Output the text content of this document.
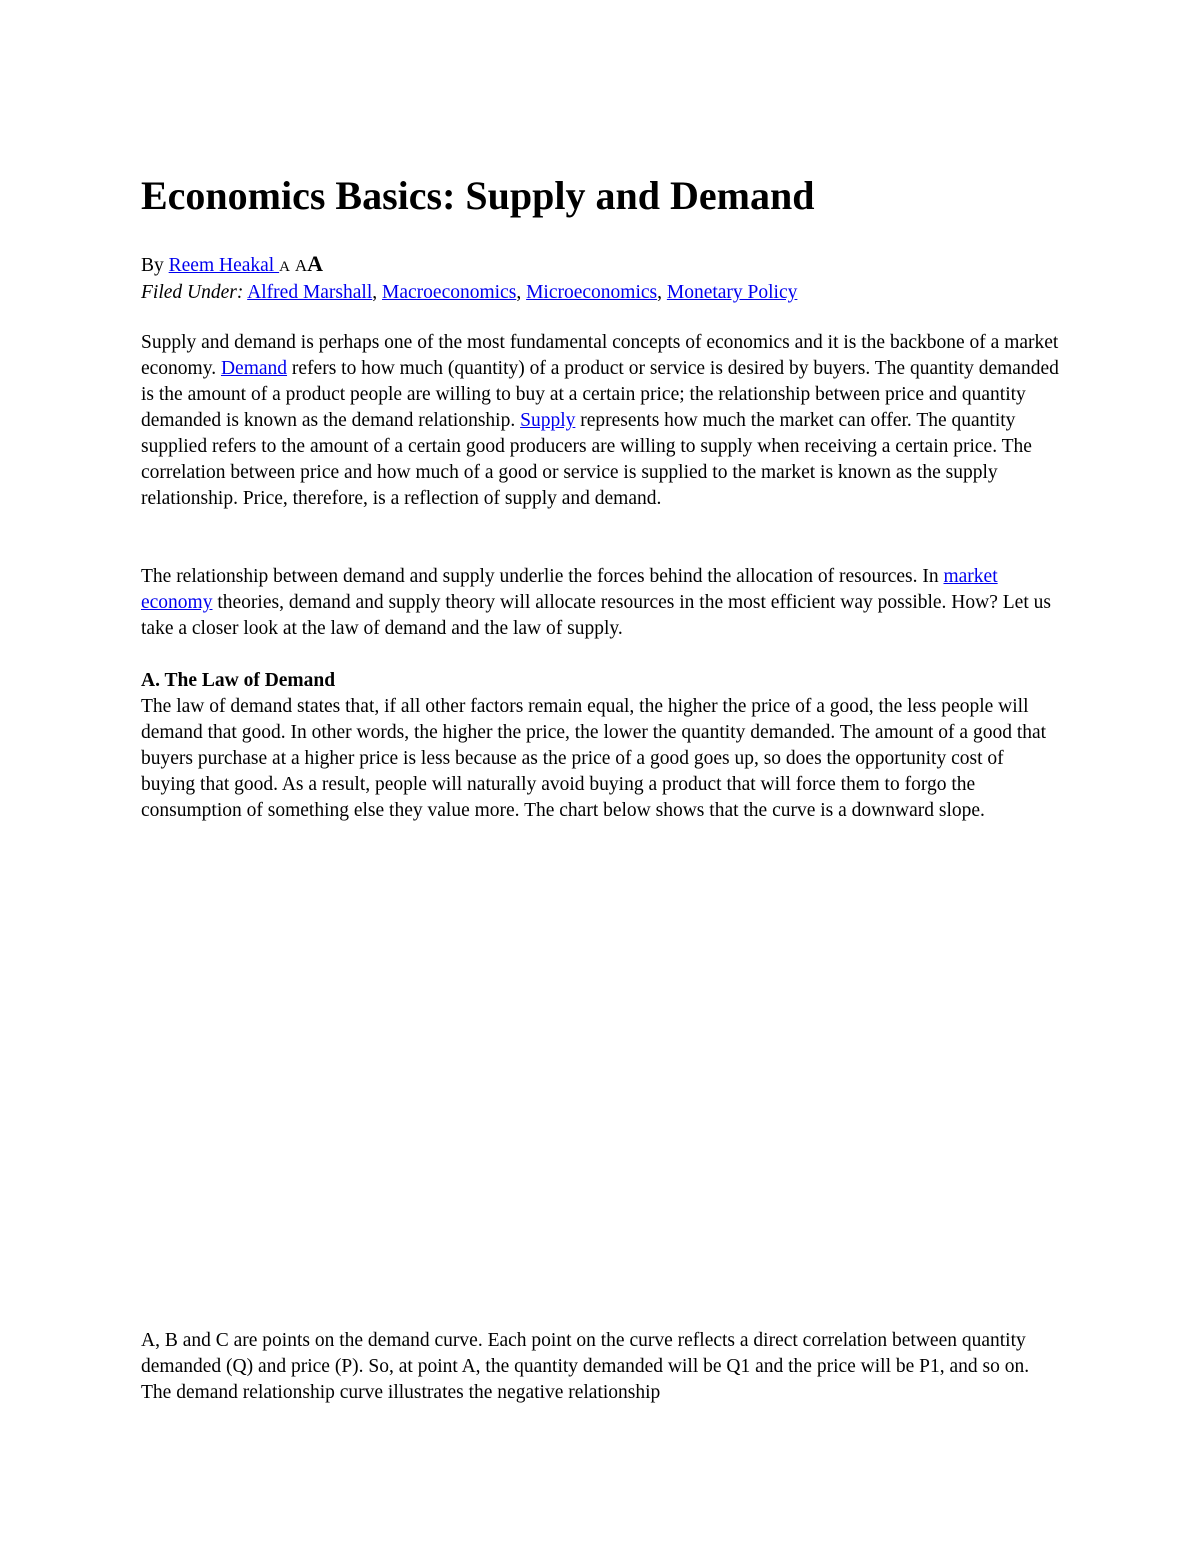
Economics Basics: Supply and Demand
By Reem Heakal A AA
Filed Under: Alfred Marshall, Macroeconomics, Microeconomics, Monetary Policy

Supply and demand is perhaps one of the most fundamental concepts of economics and it is the backbone of a market economy. Demand refers to how much (quantity) of a product or service is desired by buyers. The quantity demanded is the amount of a product people are willing to buy at a certain price; the relationship between price and quantity demanded is known as the demand relationship. Supply represents how much the market can offer. The quantity supplied refers to the amount of a certain good producers are willing to supply when receiving a certain price. The correlation between price and how much of a good or service is supplied to the market is known as the supply relationship. Price, therefore, is a reflection of supply and demand.

The relationship between demand and supply underlie the forces behind the allocation of resources. In market economy theories, demand and supply theory will allocate resources in the most efficient way possible. How? Let us take a closer look at the law of demand and the law of supply.

A. The Law of Demand

The law of demand states that, if all other factors remain equal, the higher the price of a good, the less people will demand that good. In other words, the higher the price, the lower the quantity demanded. The amount of a good that buyers purchase at a higher price is less because as the price of a good goes up, so does the opportunity cost of buying that good. As a result, people will naturally avoid buying a product that will force them to forgo the consumption of something else they value more. The chart below shows that the curve is a downward slope.

A, B and C are points on the demand curve. Each point on the curve reflects a direct correlation between quantity demanded (Q) and price (P). So, at point A, the quantity demanded will be Q1 and the price will be P1, and so on. The demand relationship curve illustrates the negative relationship
